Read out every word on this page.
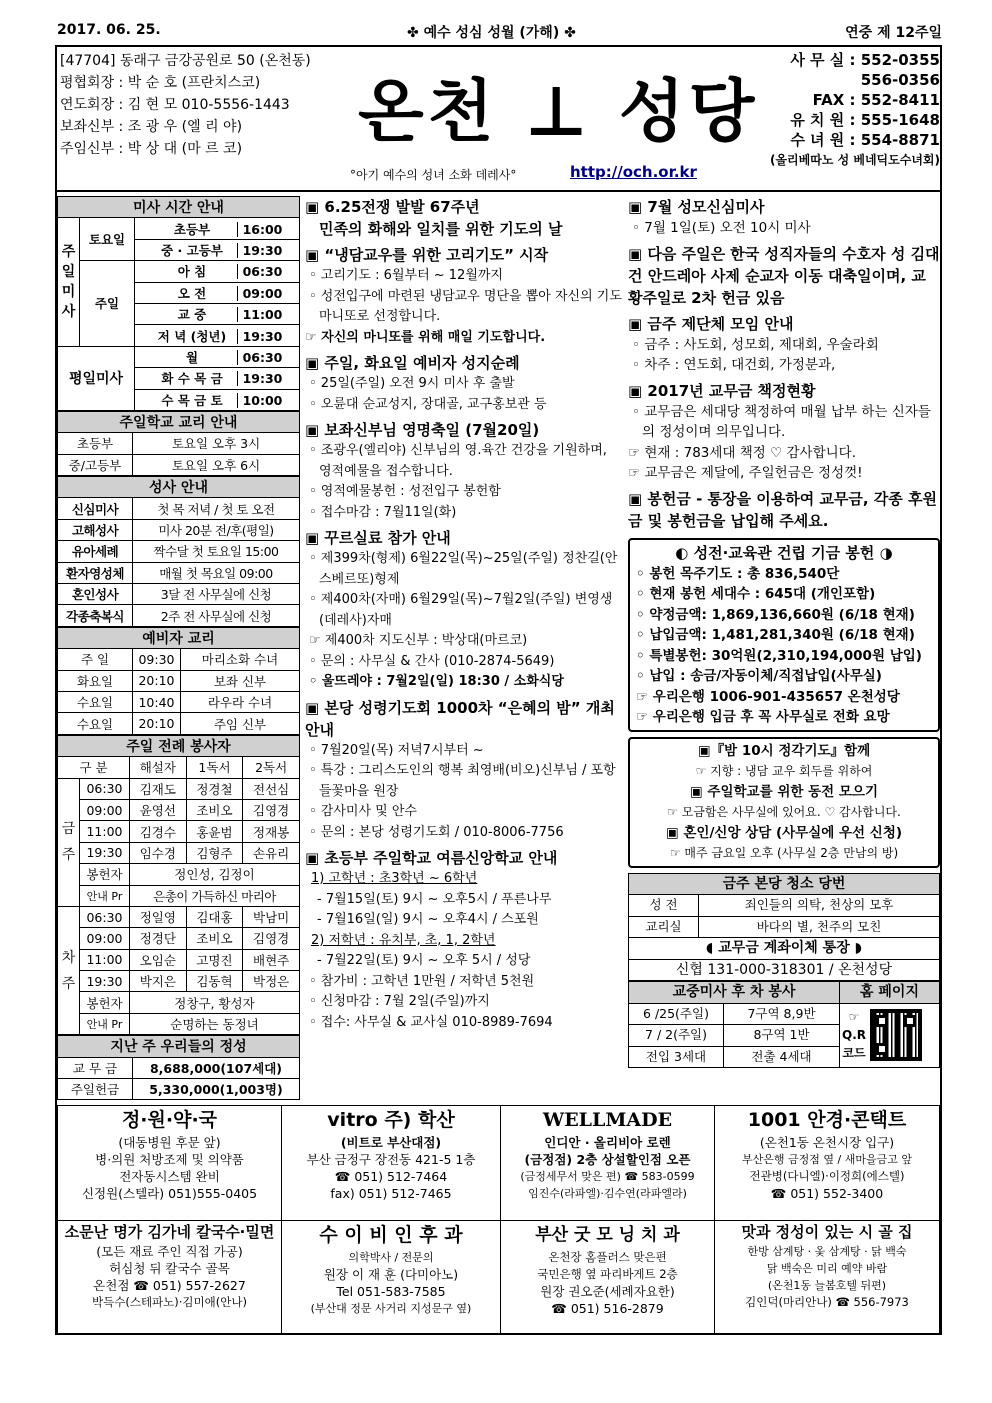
2017. 06. 25.	✤ 예수 성심 성월 (가해) ✤	연중 제 12주일
[47704] 동래구 금강공원로 50 (온천동)
평협회장 : 박 순 호 (프란치스코)
연도회장 : 김 현 모 010-5556-1443
보좌신부 : 조 광 우 (엘 리 야)
주임신부 : 박 상 대 (마 르 코)	온천 ⊥ 성당
°아기 예수의 성녀 소화 데레사°	http://och.or.kr
사 무 실 : 552-0355
556-0356
FAX : 552-8411
유 치 원 : 555-1648
수 녀 원 : 554-8871
(올리베따노 성 베네딕도수녀회)
미사 시간 안내		
주일미사	토요일	초등부 16:00
		중 · 고등부 19:30
	주일	아 침 06:30
		오 전 09:00
		교 중 11:00
		저 녁 (청년) 19:30
평일미사		월 06:30
		화 수 목 금 19:30
		수 목 금 토 10:00
주일학교 교리 안내	
초등부	토요일 오후 3시
중/고등부	토요일 오후 6시
성사 안내	
신심미사	첫 목 저녁 / 첫 토 오전
고해성사	미사 20분 전/후(평일)
유아세례	짝수달 첫 토요일 15:00
환자영성체	매월 첫 목요일 09:00
혼인성사	3달 전 사무실에 신청
각종축복식	2주 전 사무실에 신청
예비자 교리		
주 일	09:30	마리소화 수녀
화요일	20:10	보좌 신부
수요일	10:40	라우라 수녀
수요일	20:10	주임 신부
주일 전례 봉사자				
구 분		해설자	1독서	2독서
금주	06:30	김재도	정경철	전선심
	09:00	윤영선	조비오	김영경
	11:00	김경수	홍윤범	정재봉
	19:30	임수경	김형주	손유리
	봉헌자	정인성, 김정이		
	안내 Pr	은총이 가득하신 마리아		
차주	06:30	정일영	김대홍	박남미
	09:00	정경단	조비오	김영경
	11:00	오임순	고명진	배현주
	19:30	박지은	김동혁	박정은
	봉헌자	정창구, 황성자		
	안내 Pr	순명하는 동정녀		
지난 주 우리들의 정성	
교 무 금	8,688,000(107세대)
주일헌금	5,330,000(1,003명)
▣ 6.25전쟁 발발 67주년
민족의 화해와 일치를 위한 기도의 날
▣ “냉담교우를 위한 고리기도” 시작
◦ 고리기도 : 6월부터 ~ 12월까지
◦ 성전입구에 마련된 냉담교우 명단을 뽑아 자신의 기도 마니또로 선정합니다.
☞ 자신의 마니또를 위해 매일 기도합니다.
▣ 주일, 화요일 예비자 성지순례
◦ 25일(주일) 오전 9시 미사 후 출발
◦ 오륜대 순교성지, 장대골, 교구홍보관 등
▣ 보좌신부님 영명축일 (7월20일)
◦ 조광우(엘리야) 신부님의 영.육간 건강을 기원하며, 영적예물을 접수합니다.
◦ 영적예물봉헌 : 성전입구 봉헌함
◦ 접수마감 : 7월11일(화)
▣ 꾸르실료 참가 안내
◦ 제399차(형제) 6월22일(목)~25일(주일) 정찬길(안스베르또)형제
◦ 제400차(자매) 6월29일(목)~7월2일(주일) 변영생(데레사)자매
☞ 제400차 지도신부 : 박상대(마르코)
◦ 문의 : 사무실 & 간사 (010-2874-5649)
◦ 울뜨레야 : 7월2일(일) 18:30 / 소화식당
▣ 본당 성령기도회 1000차 “은혜의 밤” 개최 안내
◦ 7월20일(목) 저녁7시부터 ~
◦ 특강 : 그리스도인의 행복 최영배(비오)신부님 / 포항 들꽃마을 원장
◦ 감사미사 및 안수
◦ 문의 : 본당 성령기도회 / 010-8006-7756
▣ 초등부 주일학교 여름신앙학교 안내
1) 고학년 : 초3학년 ~ 6학년
- 7월15일(토) 9시 ~ 오후5시 / 푸른나무
- 7월16일(일) 9시 ~ 오후4시 / 스포원
2) 저학년 : 유치부, 초, 1, 2학년
- 7월22일(토) 9시 ~ 오후 5시 / 성당
◦ 참가비 : 고학년 1만원 / 저학년 5천원
◦ 신청마감 : 7월 2일(주일)까지
◦ 접수: 사무실 & 교사실 010-8989-7694
▣ 7월 성모신심미사
◦ 7월 1일(토) 오전 10시 미사
▣ 다음 주일은 한국 성직자들의 수호자 성 김대건 안드레아 사제 순교자 이동 대축일이며, 교황주일로 2차 헌금 있음
▣ 금주 제단체 모임 안내
◦ 금주 : 사도회, 성모회, 제대회, 우술라회
◦ 차주 : 연도회, 대건회, 가정분과,
▣ 2017년 교무금 책정현황
◦ 교무금은 세대당 책정하여 매월 납부 하는 신자들의 정성이며 의무입니다.
☞ 현재 : 783세대 책정 ♡ 감사합니다.
☞ 교무금은 제달에, 주일헌금은 정성껏!
▣ 봉헌금 - 통장을 이용하여 교무금, 각종 후원금 및 봉헌금을 납입해 주세요.
◐ 성전·교육관 건립 기금 봉헌 ◑
◦ 봉헌 목주기도 : 총 836,540단
◦ 현재 봉헌 세대수 : 645대 (개인포함)
◦ 약정금액: 1,869,136,660원 (6/18 현재)
◦ 납입금액: 1,481,281,340원 (6/18 현재)
◦ 특별봉헌: 30억원(2,310,194,000원 납입)
◦ 납입 : 송금/자동이체/직접납입(사무실)
☞ 우리은행 1006-901-435657 온천성당
☞ 우리은행 입금 후 꼭 사무실로 전화 요망
▣『밤 10시 정각기도』함께
☞ 지향 : 냉담 교우 회두를 위하여
▣ 주일학교를 위한 동전 모으기
☞ 모금함은 사무실에 있어요. ♡ 감사합니다.
▣ 혼인/신앙 상담 (사무실에 우선 신청)
☞ 매주 금요일 오후 (사무실 2층 만남의 방)
금주 본당 청소 당번	
성 전	죄인들의 의탁, 천상의 모후
교리실	바다의 별, 천주의 모친
◖ 교무금 계좌이체 통장 ◗	
신협 131-000-318301 / 온천성당	
교중미사 후 차 봉사		홈 페이지
6 /25(주일)	7구역 8,9반	☞
Q.R
코드

7 / 2(주일)	8구역 1반	
전입 3세대	전출 4세대	
정·원·약·국
(대동병원 후문 앞)
병·의원 처방조제 및 의약품
전자동시스템 완비
신정원(스텔라) 051)555-0405
vitro 주) 학산
(비트로 부산대점)
부산 금정구 장전동 421-5 1층
☎ 051) 512-7464
fax) 051) 512-7465
WELLMADE
인디안 · 올리비아 로렌
(금정점) 2층 상설할인점 오픈
(금정세무서 맞은 편) ☎ 583-0599
임진수(라파엘)·김수연(라파엘라)
1001 안경·콘택트
(온천1동 온천시장 입구)
부산은행 금정점 옆 / 새마을금고 앞
전관병(다니엘)·이정희(에스텔)
☎ 051) 552-3400
소문난 명가 김가네 칼국수·밀면
(모든 재료 주인 직접 가공)
허심청 뒤 칼국수 골목
온천점 ☎ 051) 557-2627
박득수(스테파노)·김미애(안나)
수 이 비 인 후 과
의학박사 / 전문의
원장 이 재 훈 (다미아노)
Tel 051-583-7585
(부산대 정문 사거리 지성문구 옆)
부산 굿 모 닝 치 과
온천장 홈플러스 맞은편
국민은행 옆 파리바게트 2층
원장 권오준(세례자요한)
☎ 051) 516-2879
맛과 정성이 있는 시 골 집
한방 삼계탕 · 옻 삼계탕 · 닭 백숙
닭 백숙은 미리 예약 바람
(온천1동 늘봄호텔 뒤편)
김인덕(마리안나) ☎ 556-7973
